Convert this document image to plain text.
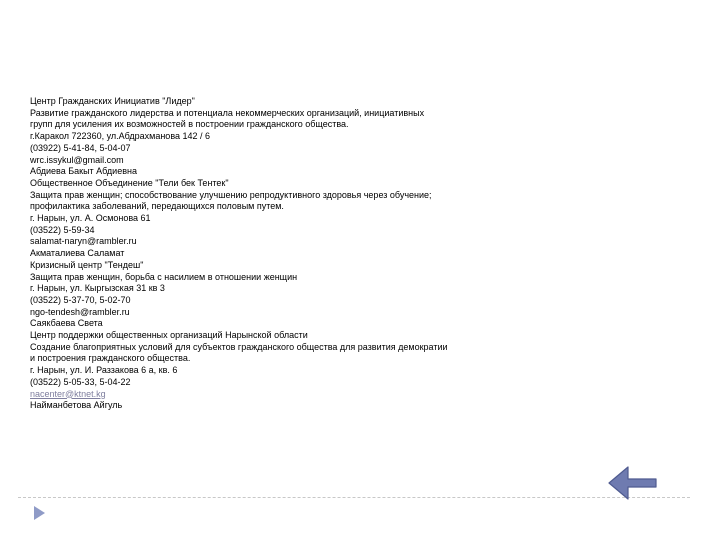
Центр Гражданских Инициатив "Лидер"
Развитие гражданского лидерства и потенциала некоммерческих организаций, инициативных
групп для усиления их возможностей в построении гражданского общества.
г.Каракол 722360, ул.Абдрахманова 142 / 6
(03922) 5-41-84, 5-04-07
wrc.issykul@gmail.com
Абдиева Бакыт Абдиевна
Общественное Объединение "Тели бек Тентек"
Защита прав женщин; способствование улучшению репродуктивного здоровья через обучение;
профилактика заболеваний, передающихся половым путем.
г. Нарын, ул. А. Осмонова 61
(03522) 5-59-34
salamat-naryn@rambler.ru
Акматалиева Саламат
Кризисный центр "Тендеш"
Защита прав женщин, борьба с насилием в отношении женщин
г. Нарын, ул. Кыргызская 31 кв 3
(03522) 5-37-70, 5-02-70
ngo-tendesh@rambler.ru
Саякбаева Света
Центр поддержки общественных организаций Нарынской области
Создание благоприятных условий для субъектов гражданского общества для развития демократии
и построения гражданского общества.
г. Нарын, ул. И. Раззакова 6 а, кв. 6
(03522) 5-05-33, 5-04-22
nacenter@ktnet.kg
Найманбетова Айгуль
